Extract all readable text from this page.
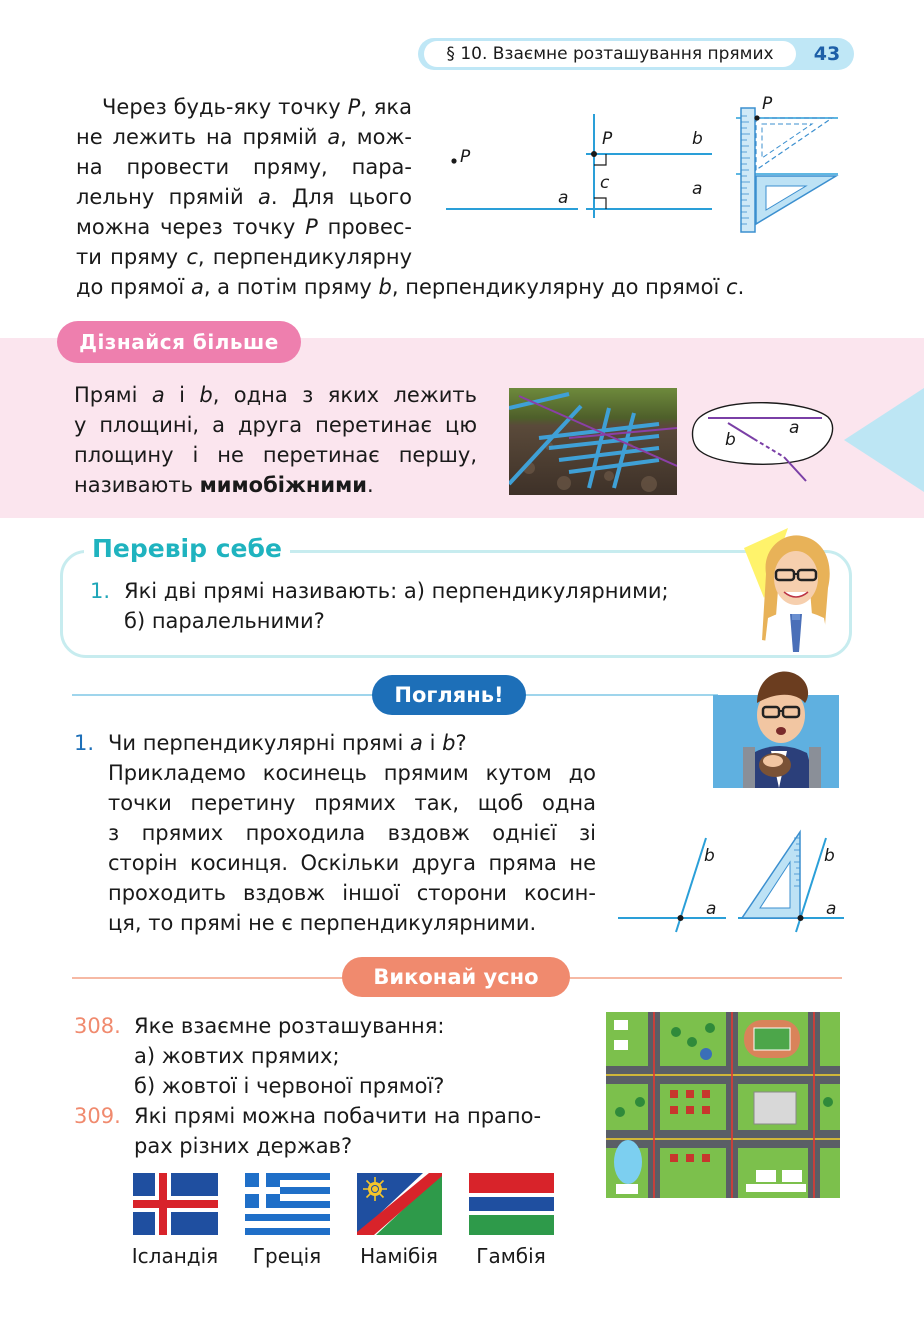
§ 10. Взаємне розташування прямих	43
Через будь-яку точку P, яка
не лежить на прямій a, мож-
на провести пряму, пара-
лельну прямій a. Для цього
можна через точку P провес-
ти пряму c, перпендикулярну
до прямої a, а потім пряму b, перпендикулярну до прямої c.
P
a
P
c
b
a
P
Дізнайся більше
Прямі a і b, одна з яких лежить
у площині, а друга перетинає цю
площину і не перетинає першу,
називають мимобіжними.
a
b
Перевір себе
1. Які дві прямі називають: а) перпендикулярними;
б) паралельними?
Поглянь!
1. Чи перпендикулярні прямі a і b?
Прикладемо косинець прямим кутом до
точки перетину прямих так, щоб одна
з прямих проходила вздовж однієї зі
сторін косинця. Оскільки друга пряма не
проходить вздовж іншої сторони косин-
ця, то прямі не є перпендикулярними.
b
a
b
a
Виконай усно
308. Яке взаємне розташування:
а) жовтих прямих;
б) жовтої і червоної прямої?
309. Які прямі можна побачити на прапо-
рах різних держав?
Ісландія	Греція	Намібія	Гамбія
